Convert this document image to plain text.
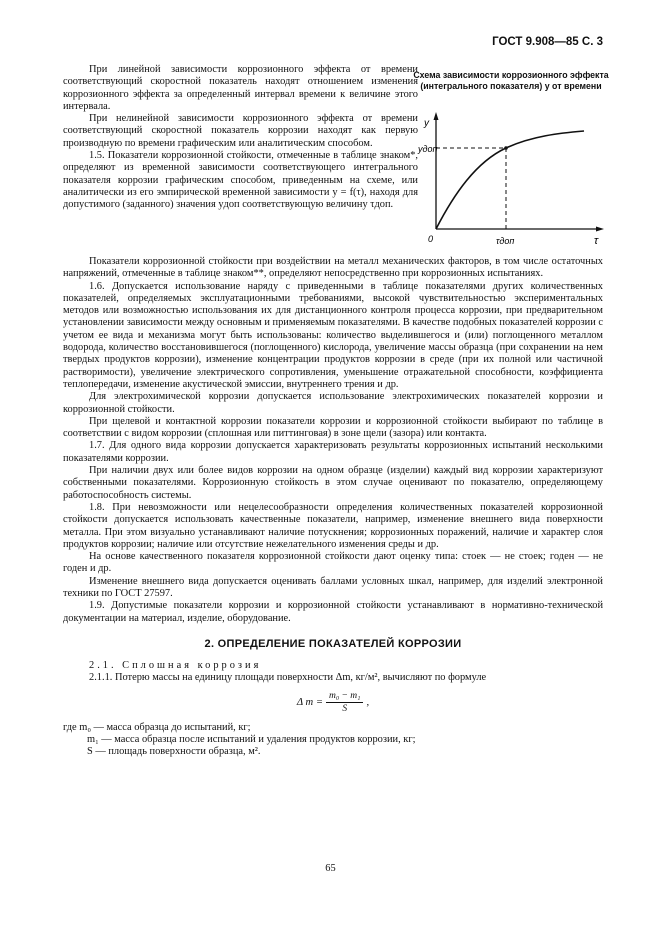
ГОСТ 9.908—85 С. 3

При линейной зависимости коррозионного эффекта от времени соответствующий скоростной показатель находят отношением изменения коррозионного эффекта за определенный интервал времени к величине этого интервала.

При нелинейной зависимости коррозионного эффекта от времени соответствующий скоростной показатель коррозии находят как первую производную по времени графическим или аналитическим способом.

1.5. Показатели коррозионной стойкости, отмеченные в таблице знаком*, определяют из временной зависимости соответствующего интегрального показателя коррозии графическим способом, приведенным на схеме, или аналитически из его эмпирической временной зависимости y = f(τ), находя для допустимого (заданного) значения yдоп соответствующую величину τдоп.

Схема зависимости коррозионного эффекта (интегрального показателя) y от времени
y
yдоп
0	τдоп	τ

Показатели коррозионной стойкости при воздействии на металл механических факторов, в том числе остаточных напряжений, отмеченные в таблице знаком**, определяют непосредственно при коррозионных испытаниях.

1.6. Допускается использование наряду с приведенными в таблице показателями других количественных показателей, определяемых эксплуатационными требованиями, высокой чувствительностью экспериментальных методов или возможностью использования их для дистанционного контроля процесса коррозии, при предварительном установлении зависимости между основным и применяемым показателями. В качестве подобных показателей коррозии с учетом ее вида и механизма могут быть использованы: количество выделившегося и (или) поглощенного металлом водорода, количество восстановившегося (поглощенного) кислорода, увеличение массы образца (при сохранении на нем твердых продуктов коррозии), изменение концентрации продуктов коррозии в среде (при их полной или частичной растворимости), увеличение электрического сопротивления, уменьшение отражательной способности, коэффициента теплопередачи, изменение акустической эмиссии, внутреннего трения и др.

Для электрохимической коррозии допускается использование электрохимических показателей коррозии и коррозионной стойкости.

При щелевой и контактной коррозии показатели коррозии и коррозионной стойкости выбирают по таблице в соответствии с видом коррозии (сплошная или питтинговая) в зоне щели (зазора) или контакта.

1.7. Для одного вида коррозии допускается характеризовать результаты коррозионных испытаний несколькими показателями коррозии.

При наличии двух или более видов коррозии на одном образце (изделии) каждый вид коррозии характеризуют собственными показателями. Коррозионную стойкость в этом случае оценивают по показателю, определяющему работоспособность системы.

1.8. При невозможности или нецелесообразности определения количественных показателей коррозионной стойкости допускается использовать качественные показатели, например, изменение внешнего вида поверхности металла. При этом визуально устанавливают наличие потускнения; коррозионных поражений, наличие и характер слоя продуктов коррозии; наличие или отсутствие нежелательного изменения среды и др.

На основе качественного показателя коррозионной стойкости дают оценку типа: стоек — не стоек; годен — не годен и др.

Изменение внешнего вида допускается оценивать баллами условных шкал, например, для изделий электронной техники по ГОСТ 27597.

1.9. Допустимые показатели коррозии и коррозионной стойкости устанавливают в нормативно-технической документации на материал, изделие, оборудование.

2. ОПРЕДЕЛЕНИЕ ПОКАЗАТЕЛЕЙ КОРРОЗИИ

2.1. Сплошная коррозия

2.1.1. Потерю массы на единицу площади поверхности Δm, кг/м², вычисляют по формуле

Δ $m = \frac{\text{m₀ − m₁}}{S}$ ,
где m₀ — масса образца до испытаний, кг;
m₁ — масса образца после испытаний и удаления продуктов коррозии, кг;
S — площадь поверхности образца, м².
65
